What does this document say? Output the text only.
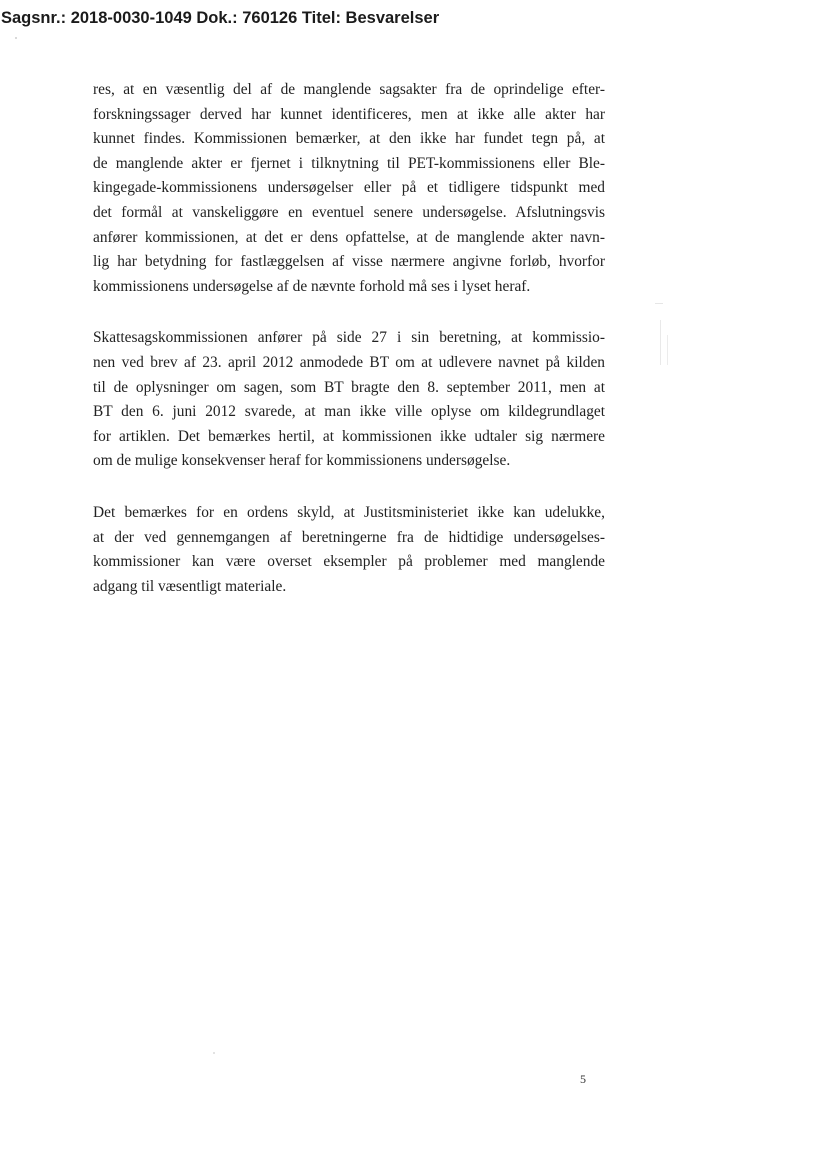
Sagsnr.: 2018-0030-1049 Dok.: 760126 Titel: Besvarelser
res, at en væsentlig del af de manglende sagsakter fra de oprindelige efter-
forskningssager derved har kunnet identificeres, men at ikke alle akter har
kunnet findes. Kommissionen bemærker, at den ikke har fundet tegn på, at
de manglende akter er fjernet i tilknytning til PET-kommissionens eller Ble-
kingegade-kommissionens undersøgelser eller på et tidligere tidspunkt med
det formål at vanskeliggøre en eventuel senere undersøgelse. Afslutningsvis
anfører kommissionen, at det er dens opfattelse, at de manglende akter navn-
lig har betydning for fastlæggelsen af visse nærmere angivne forløb, hvorfor
kommissionens undersøgelse af de nævnte forhold må ses i lyset heraf.
Skattesagskommissionen anfører på side 27 i sin beretning, at kommissio-
nen ved brev af 23. april 2012 anmodede BT om at udlevere navnet på kilden
til de oplysninger om sagen, som BT bragte den 8. september 2011, men at
BT den 6. juni 2012 svarede, at man ikke ville oplyse om kildegrundlaget
for artiklen. Det bemærkes hertil, at kommissionen ikke udtaler sig nærmere
om de mulige konsekvenser heraf for kommissionens undersøgelse.
Det bemærkes for en ordens skyld, at Justitsministeriet ikke kan udelukke,
at der ved gennemgangen af beretningerne fra de hidtidige undersøgelses-
kommissioner kan være overset eksempler på problemer med manglende
adgang til væsentligt materiale.
5
